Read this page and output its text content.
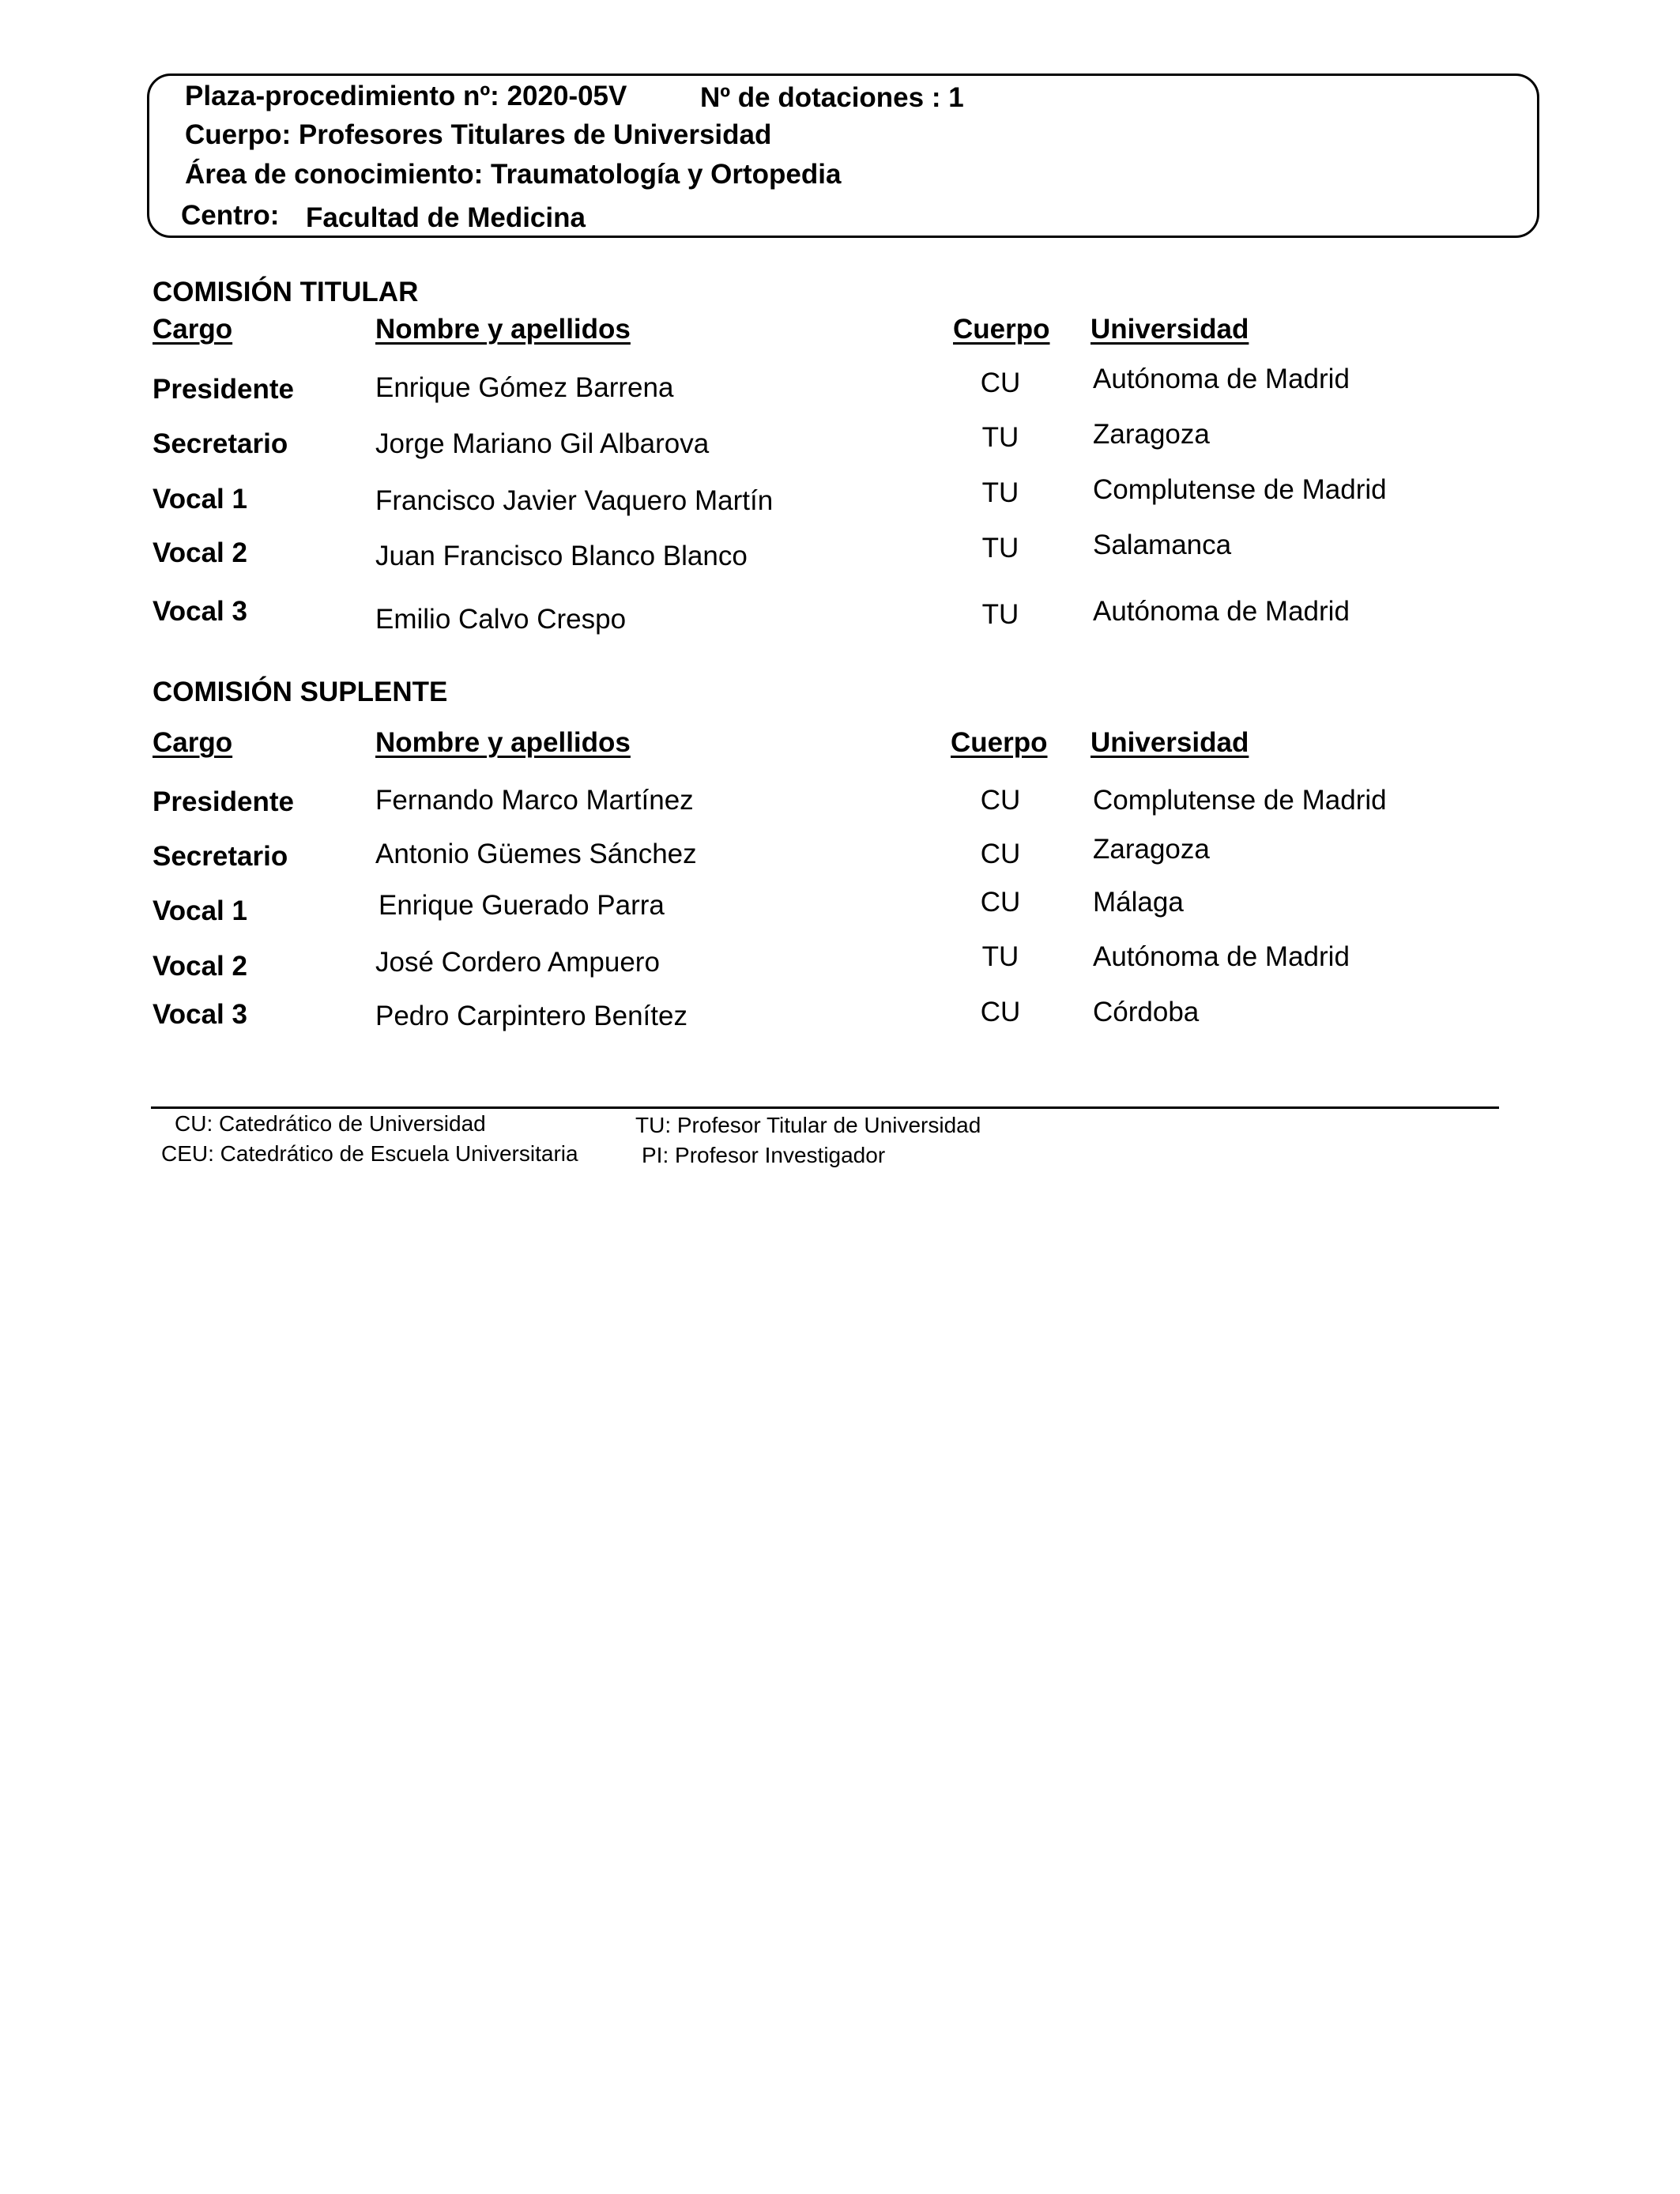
Plaza-procedimiento nº: 2020-05V	Nº de dotaciones : 1
Cuerpo: Profesores Titulares de Universidad
Área de conocimiento: Traumatología y Ortopedia
Centro: Facultad de Medicina
COMISIÓN TITULAR
Cargo	Nombre y apellidos	Cuerpo Universidad
Presidente	Enrique Gómez Barrena	CU	Autónoma de Madrid
Secretario	Jorge Mariano Gil Albarova	TU	Zaragoza
Vocal 1	Francisco Javier Vaquero Martín	TU	Complutense de Madrid
Vocal 2	Juan Francisco Blanco Blanco	TU	Salamanca
Vocal 3	Emilio Calvo Crespo	TU	Autónoma de Madrid
COMISIÓN SUPLENTE
Cargo	Nombre y apellidos	Cuerpo Universidad
Presidente	Fernando Marco Martínez	CU	Complutense de Madrid
Secretario	Antonio Güemes Sánchez	CU	Zaragoza
Vocal 1	Enrique Guerado Parra	CU	Málaga
Vocal 2	José Cordero Ampuero	TU	Autónoma de Madrid
Vocal 3	Pedro Carpintero Benítez	CU	Córdoba
CU: Catedrático de Universidad
CEU: Catedrático de Escuela Universitaria
TU: Profesor Titular de Universidad
PI: Profesor Investigador
